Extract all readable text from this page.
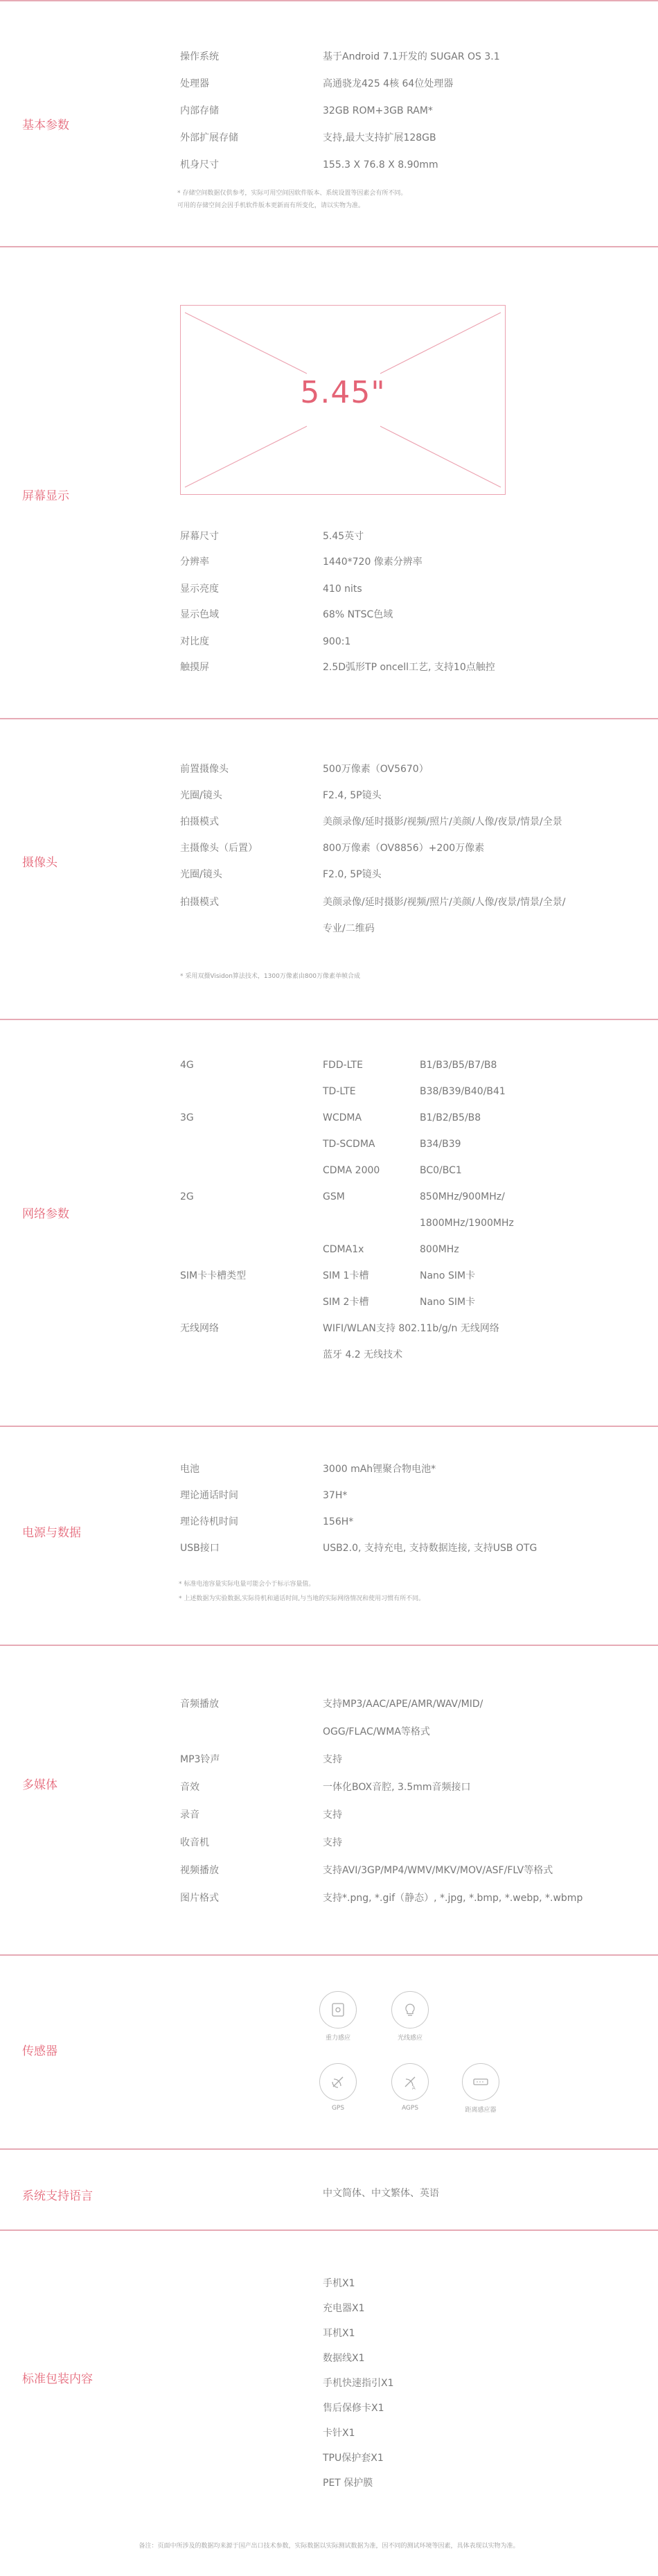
基本参数
操作系统	基于Android 7.1开发的 SUGAR OS 3.1
处理器	高通骁龙425 4核 64位处理器
内部存储	32GB ROM+3GB RAM*
外部扩展存储	支持,最大支持扩展128GB
机身尺寸	155.3 X 76.8 X 8.90mm
* 存储空间数据仅供参考，实际可用空间因软件版本、系统设置等因素会有所不同。
可用的存储空间会因手机软件版本更新而有所变化，请以实物为准。
5.45"
屏幕显示
屏幕尺寸	5.45英寸
分辨率	1440*720 像素分辨率
显示亮度	410 nits
显示色域	68% NTSC色域
对比度	900:1
触摸屏	2.5D弧形TP oncell工艺, 支持10点触控
摄像头
前置摄像头	500万像素（OV5670）
光圈/镜头	F2.4, 5P镜头
拍摄模式	美颜录像/延时摄影/视频/照片/美颜/人像/夜景/情景/全景
主摄像头（后置）	800万像素（OV8856）+200万像素
光圈/镜头	F2.0, 5P镜头
拍摄模式	美颜录像/延时摄影/视频/照片/美颜/人像/夜景/情景/全景/
专业/二维码
* 采用双摄Visidon算法技术，1300万像素由800万像素单帧合成
网络参数
4G	FDD-LTE	B1/B3/B5/B7/B8
TD-LTE	B38/B39/B40/B41
3G	WCDMA	B1/B2/B5/B8
TD-SCDMA	B34/B39
CDMA 2000	BC0/BC1
2G	GSM	850MHz/900MHz/
1800MHz/1900MHz
CDMA1x	800MHz
SIM卡卡槽类型	SIM 1卡槽	Nano SIM卡
SIM 2卡槽	Nano SIM卡
无线网络	WIFI/WLAN支持 802.11b/g/n 无线网络
蓝牙 4.2 无线技术
电源与数据
电池	3000 mAh锂聚合物电池*
理论通话时间	37H*
理论待机时间	156H*
USB接口	USB2.0, 支持充电, 支持数据连接, 支持USB OTG
* 标准电池容量实际电量可能会小于标示容量值。
* 上述数据为实验数据,实际待机和通话时间,与当地的实际网络情况和使用习惯有所不同。
多媒体
音频播放	支持MP3/AAC/APE/AMR/WAV/MID/
OGG/FLAC/WMA等格式
MP3铃声	支持
音效	一体化BOX音腔, 3.5mm音频接口
录音	支持
收音机	支持
视频播放	支持AVI/3GP/MP4/WMV/MKV/MOV/ASF/FLV等格式
图片格式	支持*.png, *.gif（静态）, *.jpg, *.bmp, *.webp, *.wbmp
传感器
重力感应	光线感应
GPS
A
AGPS	距离感应器
系统支持语言	中文简体、中文繁体、英语
标准包装内容
手机X1
充电器X1
耳机X1
数据线X1
手机快速指引X1
售后保修卡X1
卡针X1
TPU保护套X1
PET 保护膜
备注：页面中所涉及的数据均来源于国产出口技术参数，实际数据以实际测试数据为准，因不同的测试环境等因素，具体表现以实物为准。
